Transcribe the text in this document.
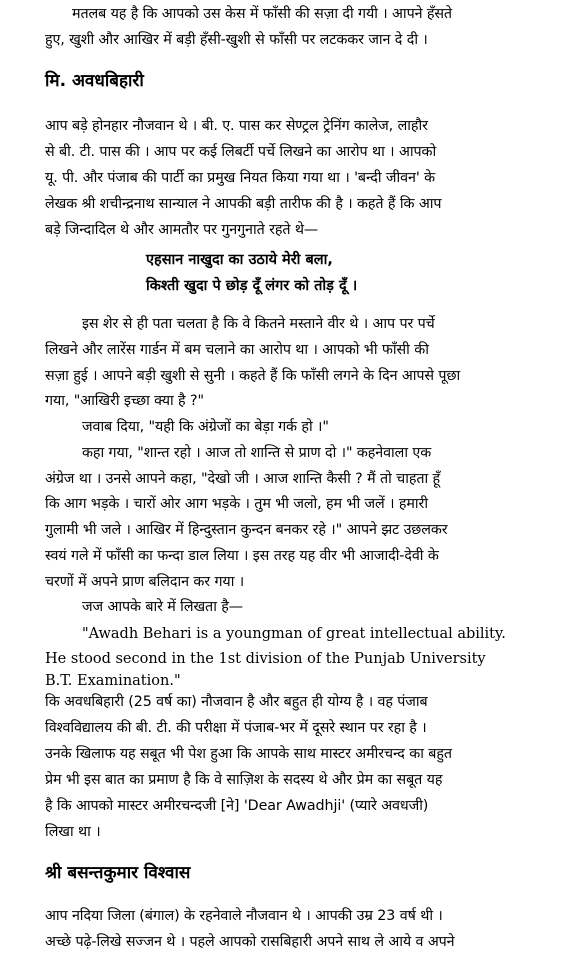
मतलब यह है कि आपको उस केस में फाँसी की सज़ा दी गयी । आपने हँसते
हुए, खुशी और आखिर में बड़ी हँसी-खुशी से फाँसी पर लटककर जान दे दी ।
मि. अवधबिहारी
आप बड़े होनहार नौजवान थे । बी. ए. पास कर सेण्ट्रल ट्रेनिंग कालेज, लाहौर
से बी. टी. पास की । आप पर कई लिबर्टी पर्चे लिखने का आरोप था । आपको
यू. पी. और पंजाब की पार्टी का प्रमुख नियत किया गया था । 'बन्दी जीवन' के
लेखक श्री शचीन्द्रनाथ सान्याल ने आपकी बड़ी तारीफ की है । कहते हैं कि आप
बड़े जिन्दादिल थे और आमतौर पर गुनगुनाते रहते थे—
एहसान नाखुदा का उठाये मेरी बला,
किश्ती खुदा पे छोड़ दूँ लंगर को तोड़ दूँ ।
इस शेर से ही पता चलता है कि वे कितने मस्ताने वीर थे । आप पर पर्चे
लिखने और लारेंस गार्डन में बम चलाने का आरोप था । आपको भी फाँसी की
सज़ा हुई । आपने बड़ी खुशी से सुनी । कहते हैं कि फाँसी लगने के दिन आपसे पूछा
गया, "आखिरी इच्छा क्या है ?"
जवाब दिया, "यही कि अंग्रेजों का बेड़ा गर्क हो ।"
कहा गया, "शान्त रहो । आज तो शान्ति से प्राण दो ।" कहनेवाला एक
अंग्रेज था । उनसे आपने कहा, "देखो जी । आज शान्ति कैसी ? मैं तो चाहता हूँ
कि आग भड़के । चारों ओर आग भड़के । तुम भी जलो, हम भी जलें । हमारी
गुलामी भी जले । आखिर में हिन्दुस्तान कुन्दन बनकर रहे ।" आपने झट उछलकर
स्वयं गले में फाँसी का फन्दा डाल लिया । इस तरह यह वीर भी आजादी-देवी के
चरणों में अपने प्राण बलिदान कर गया ।
जज आपके बारे में लिखता है—
"Awadh Behari is a youngman of great intellectual ability.
He stood second in the 1st division of the Punjab University
B.T. Examination."
कि अवधबिहारी (25 वर्ष का) नौजवान है और बहुत ही योग्य है । वह पंजाब
विश्वविद्यालय की बी. टी. की परीक्षा में पंजाब-भर में दूसरे स्थान पर रहा है ।
उनके खिलाफ यह सबूत भी पेश हुआ कि आपके साथ मास्टर अमीरचन्द का बहुत
प्रेम भी इस बात का प्रमाण है कि वे साज़िश के सदस्य थे और प्रेम का सबूत यह
है कि आपको मास्टर अमीरचन्दजी [ने] 'Dear Awadhji' (प्यारे अवधजी)
लिखा था ।
श्री बसन्तकुमार विश्वास
आप नदिया जिला (बंगाल) के रहनेवाले नौजवान थे । आपकी उम्र 23 वर्ष थी ।
अच्छे पढ़े-लिखे सज्जन थे । पहले आपको रासबिहारी अपने साथ ले आये व अपने
